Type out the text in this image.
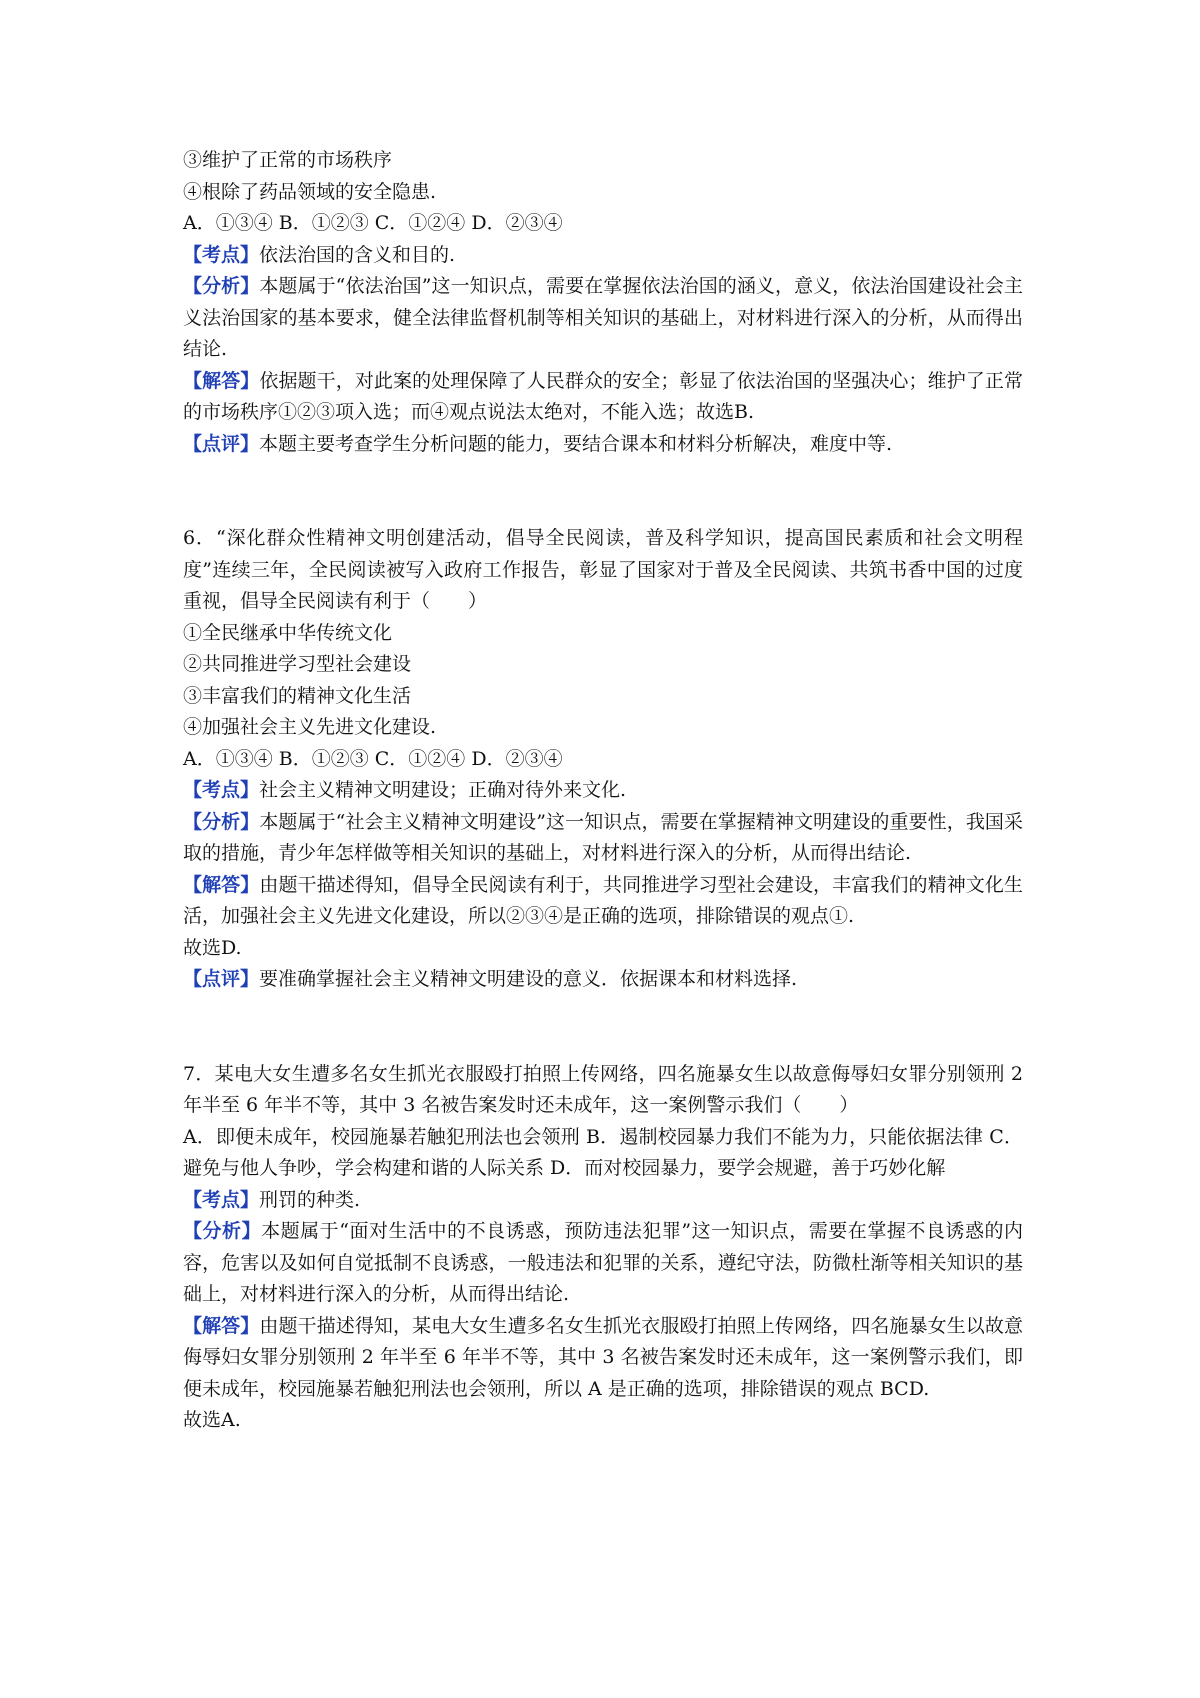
③维护了正常的市场秩序

④根除了药品领域的安全隐患.

A．①③④ B．①②③ C．①②④ D．②③④

【考点】依法治国的含义和目的.

【分析】本题属于“依法治国”这一知识点，需要在掌握依法治国的涵义，意义，依法治国建设社会主义法治国家的基本要求，健全法律监督机制等相关知识的基础上，对材料进行深入的分析，从而得出结论.

【解答】依据题干，对此案的处理保障了人民群众的安全；彰显了依法治国的坚强决心；维护了正常的市场秩序①②③项入选；而④观点说法太绝对，不能入选；故选B.

【点评】本题主要考查学生分析问题的能力，要结合课本和材料分析解决，难度中等.

6．“深化群众性精神文明创建活动，倡导全民阅读，普及科学知识，提高国民素质和社会文明程度”连续三年，全民阅读被写入政府工作报告，彰显了国家对于普及全民阅读、共筑书香中国的过度重视，倡导全民阅读有利于（　　）

①全民继承中华传统文化

②共同推进学习型社会建设

③丰富我们的精神文化生活

④加强社会主义先进文化建设.

A．①③④ B．①②③ C．①②④ D．②③④

【考点】社会主义精神文明建设；正确对待外来文化.

【分析】本题属于“社会主义精神文明建设”这一知识点，需要在掌握精神文明建设的重要性，我国采取的措施，青少年怎样做等相关知识的基础上，对材料进行深入的分析，从而得出结论.

【解答】由题干描述得知，倡导全民阅读有利于，共同推进学习型社会建设，丰富我们的精神文化生活，加强社会主义先进文化建设，所以②③④是正确的选项，排除错误的观点①.

故选D.

【点评】要准确掌握社会主义精神文明建设的意义．依据课本和材料选择.

7．某电大女生遭多名女生抓光衣服殴打拍照上传网络，四名施暴女生以故意侮辱妇女罪分别领刑 2 年半至 6 年半不等，其中 3 名被告案发时还未成年，这一案例警示我们（　　）

A．即便未成年，校园施暴若触犯刑法也会领刑 B．遏制校园暴力我们不能为力，只能依据法律 C．避免与他人争吵，学会构建和谐的人际关系 D．而对校园暴力，要学会规避，善于巧妙化解

【考点】刑罚的种类.

【分析】本题属于“面对生活中的不良诱惑，预防违法犯罪”这一知识点，需要在掌握不良诱惑的内容，危害以及如何自觉抵制不良诱惑，一般违法和犯罪的关系，遵纪守法，防微杜渐等相关知识的基础上，对材料进行深入的分析，从而得出结论.

【解答】由题干描述得知，某电大女生遭多名女生抓光衣服殴打拍照上传网络，四名施暴女生以故意侮辱妇女罪分别领刑 2 年半至 6 年半不等，其中 3 名被告案发时还未成年，这一案例警示我们，即便未成年，校园施暴若触犯刑法也会领刑，所以 A 是正确的选项，排除错误的观点 BCD.

故选A.
